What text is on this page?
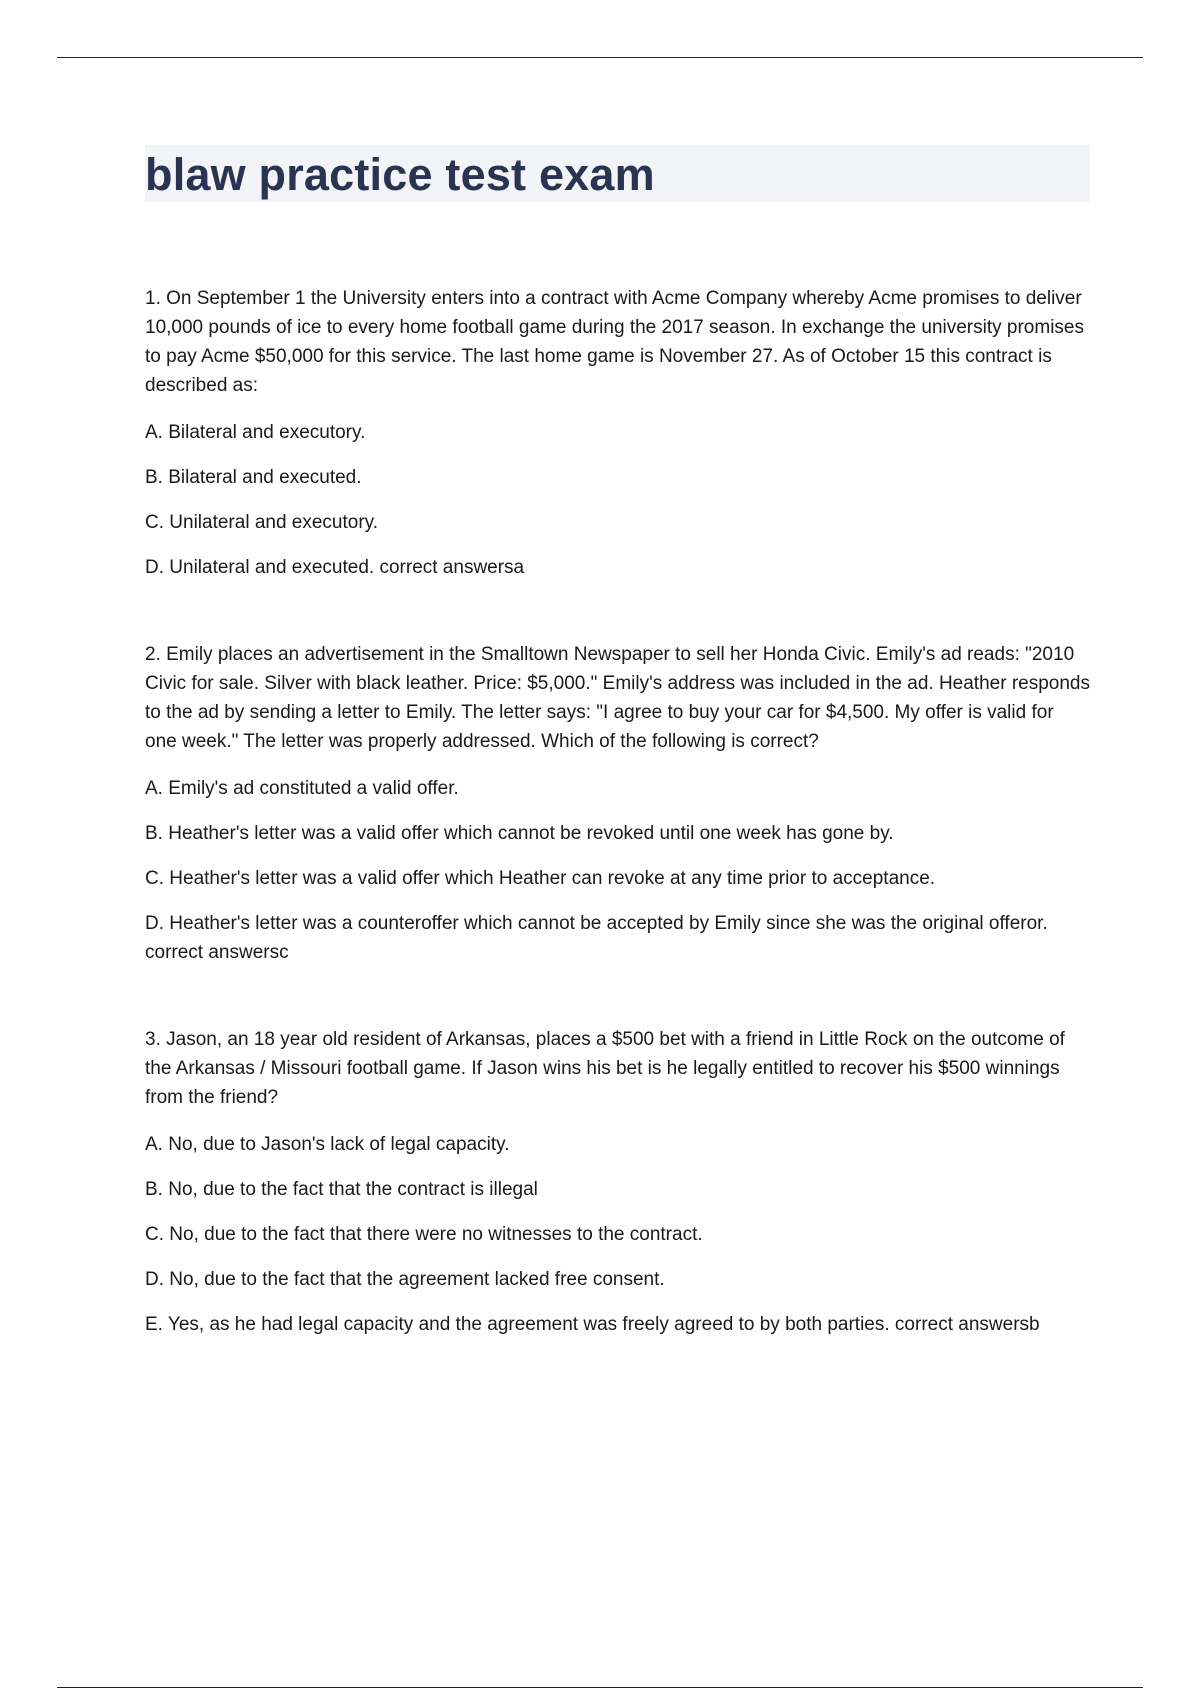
blaw practice test exam

1. On September 1 the University enters into a contract with Acme Company whereby Acme promises to deliver 10,000 pounds of ice to every home football game during the 2017 season. In exchange the university promises to pay Acme $50,000 for this service. The last home game is November 27. As of October 15 this contract is described as:

A. Bilateral and executory.

B. Bilateral and executed.

C. Unilateral and executory.

D. Unilateral and executed. correct answersa

2. Emily places an advertisement in the Smalltown Newspaper to sell her Honda Civic. Emily's ad reads: "2010 Civic for sale. Silver with black leather. Price: $5,000." Emily's address was included in the ad. Heather responds to the ad by sending a letter to Emily. The letter says: "I agree to buy your car for $4,500. My offer is valid for one week." The letter was properly addressed. Which of the following is correct?

A. Emily's ad constituted a valid offer.

B. Heather's letter was a valid offer which cannot be revoked until one week has gone by.

C. Heather's letter was a valid offer which Heather can revoke at any time prior to acceptance.

D. Heather's letter was a counteroffer which cannot be accepted by Emily since she was the original offeror. correct answersc

3. Jason, an 18 year old resident of Arkansas, places a $500 bet with a friend in Little Rock on the outcome of the Arkansas / Missouri football game. If Jason wins his bet is he legally entitled to recover his $500 winnings from the friend?

A. No, due to Jason's lack of legal capacity.

B. No, due to the fact that the contract is illegal

C. No, due to the fact that there were no witnesses to the contract.

D. No, due to the fact that the agreement lacked free consent.

E. Yes, as he had legal capacity and the agreement was freely agreed to by both parties. correct answersb
